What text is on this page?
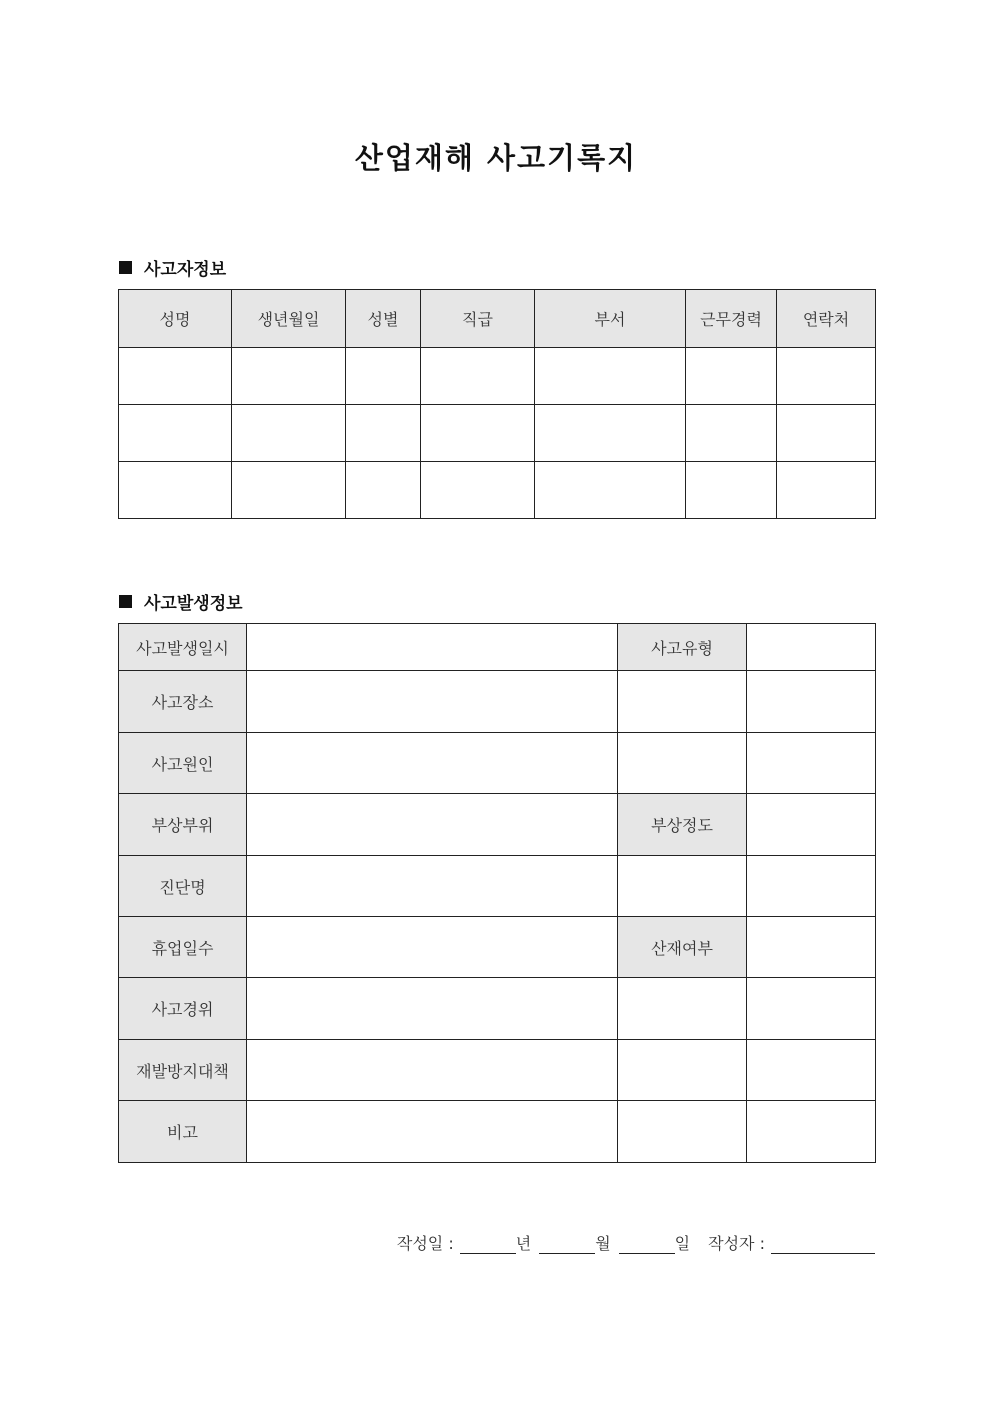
산업재해 사고기록지
사고자정보
성명	생년월일	성별	직급	부서	근무경력	연락처

사고발생정보
사고발생일시		사고유형	
사고장소			
사고원인			
부상부위		부상정도	
진단명			
휴업일수		산재여부	
사고경위			
재발방지대책			
비고			
작성일 :	년	월	일 작성자 :
